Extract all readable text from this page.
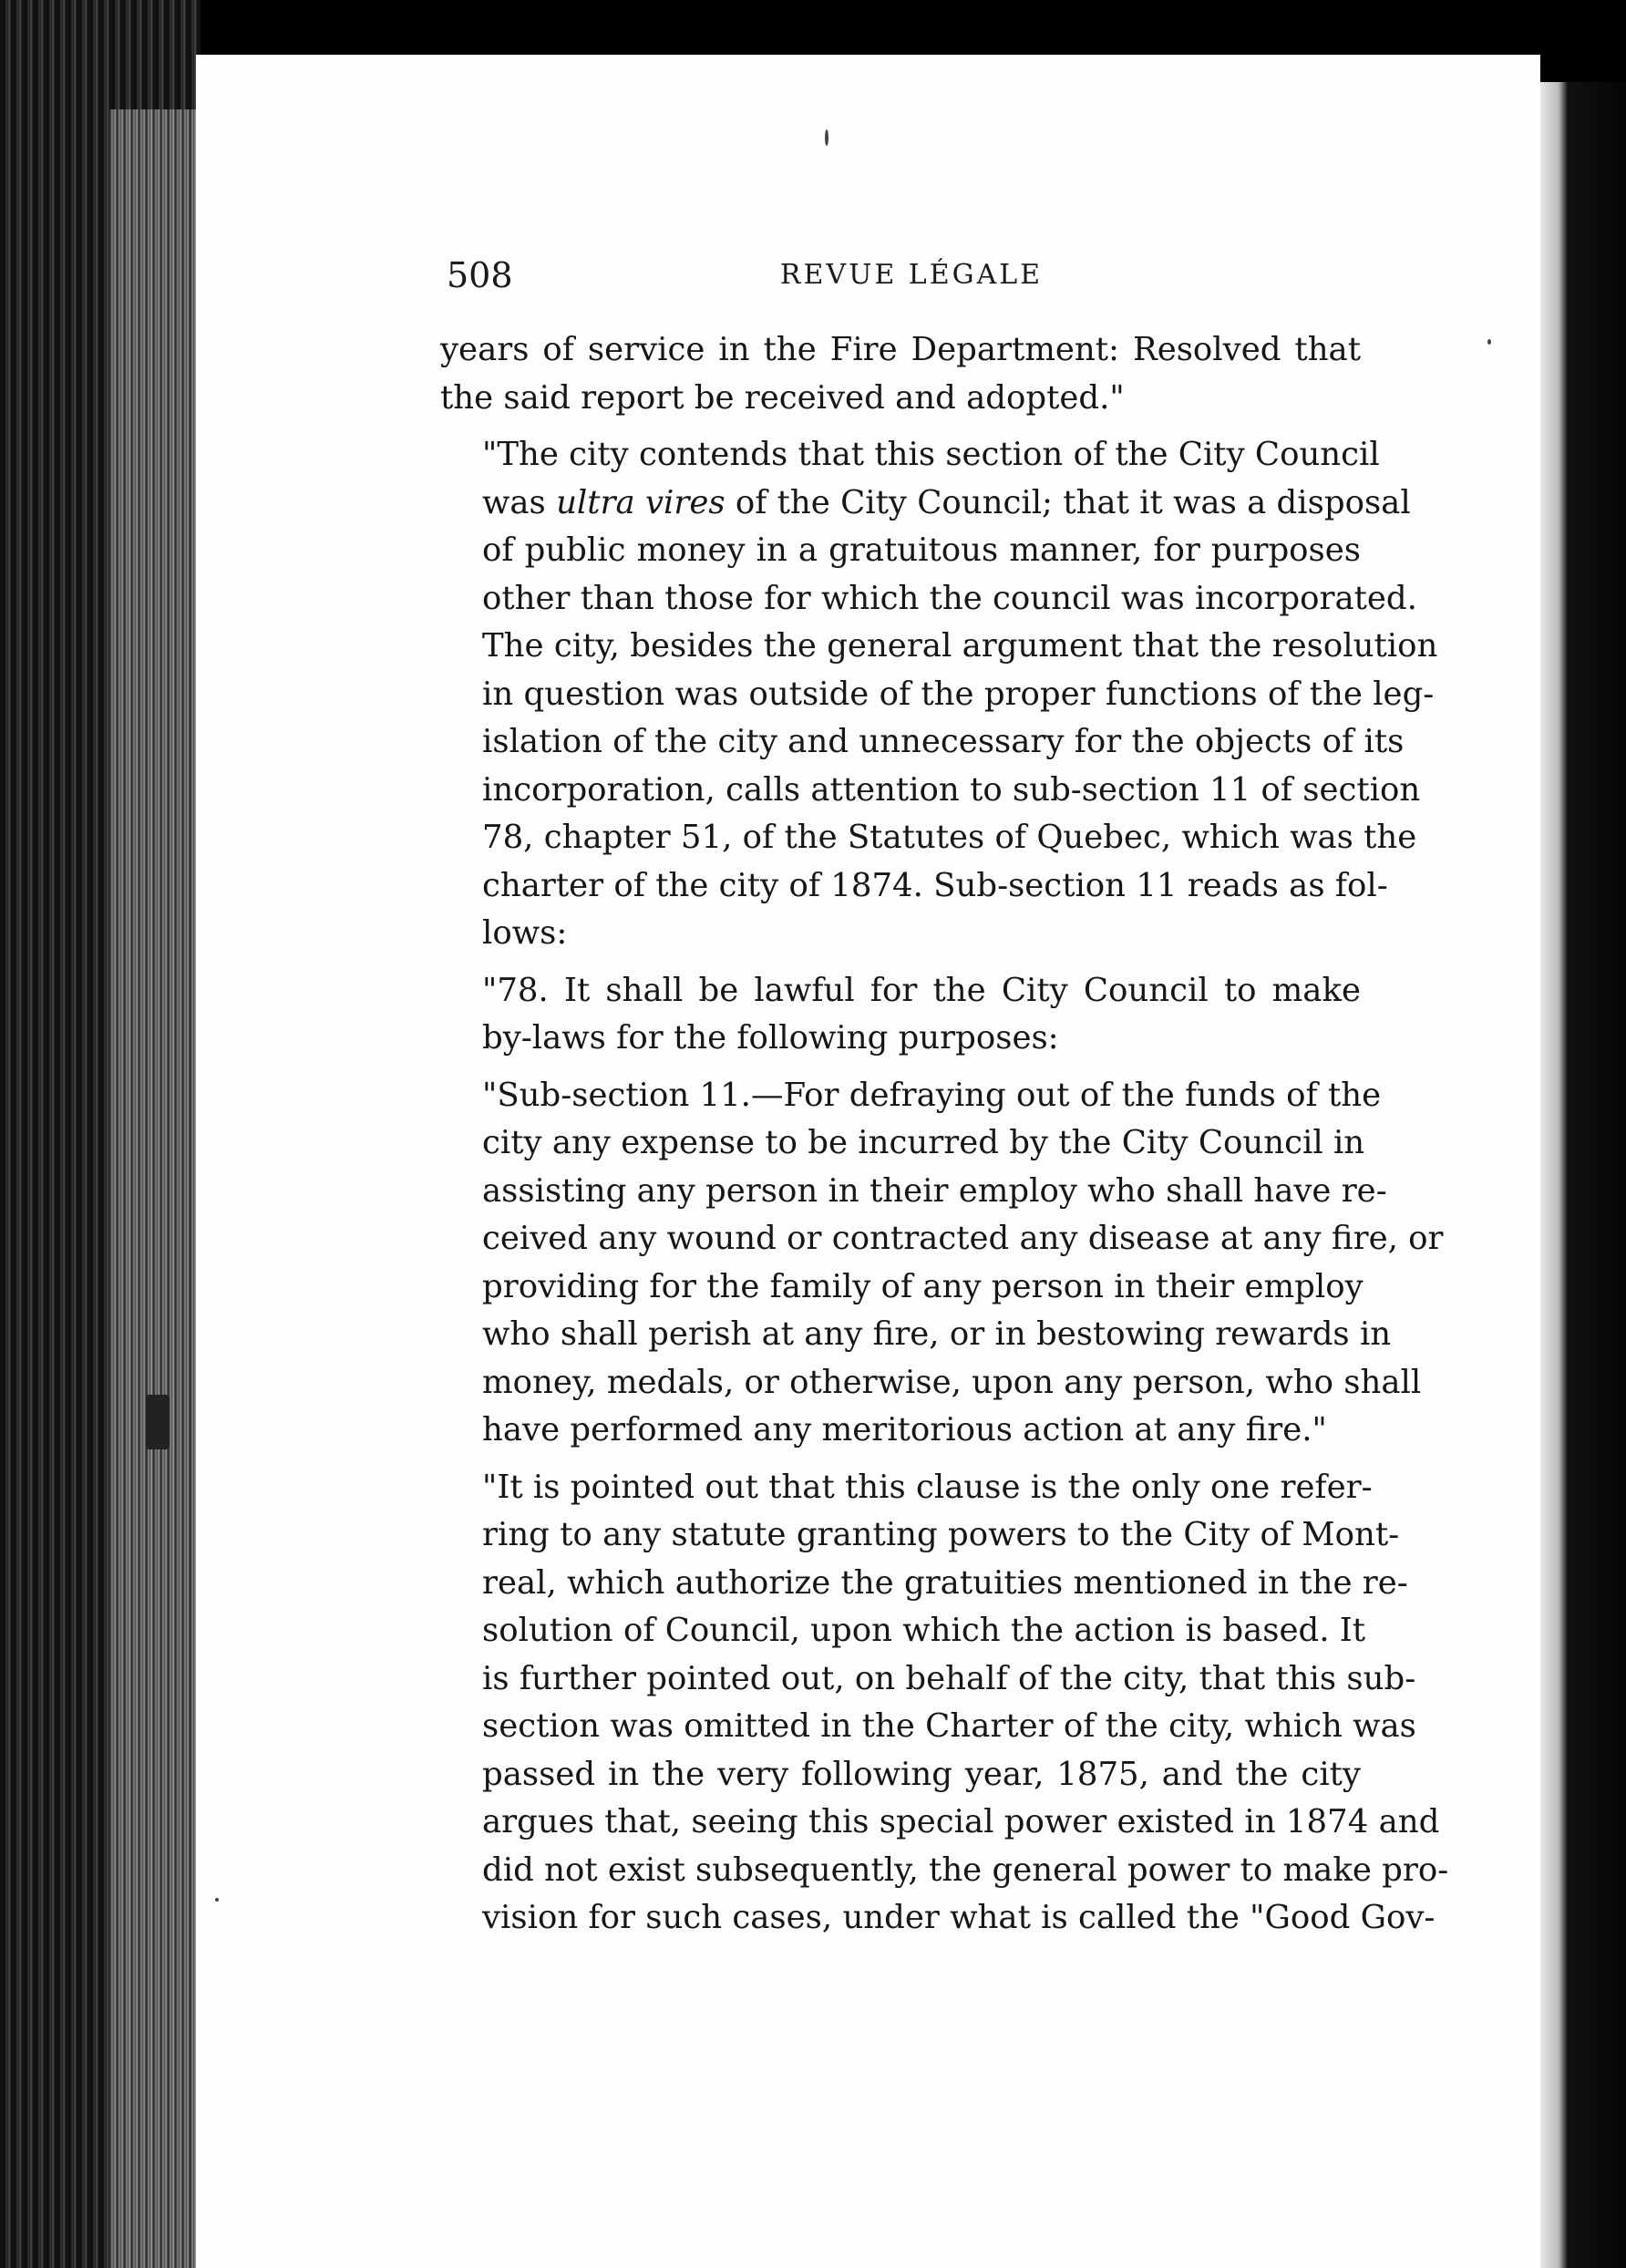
508	REVUE LÉGALE

years of service in the Fire Department: Resolved that
the said report be received and adopted."

"The city contends that this section of the City Council
was ultra vires of the City Council; that it was a disposal
of public money in a gratuitous manner, for purposes
other than those for which the council was incorporated.
The city, besides the general argument that the resolution
in question was outside of the proper functions of the leg-
islation of the city and unnecessary for the objects of its
incorporation, calls attention to sub-section 11 of section
78, chapter 51, of the Statutes of Quebec, which was the
charter of the city of 1874. Sub-section 11 reads as fol-
lows:

"78. It shall be lawful for the City Council to make
by-laws for the following purposes:

"Sub-section 11.—For defraying out of the funds of the
city any expense to be incurred by the City Council in
assisting any person in their employ who shall have re-
ceived any wound or contracted any disease at any fire, or
providing for the family of any person in their employ
who shall perish at any fire, or in bestowing rewards in
money, medals, or otherwise, upon any person, who shall
have performed any meritorious action at any fire."

"It is pointed out that this clause is the only one refer-
ring to any statute granting powers to the City of Mont-
real, which authorize the gratuities mentioned in the re-
solution of Council, upon which the action is based. It
is further pointed out, on behalf of the city, that this sub-
section was omitted in the Charter of the city, which was
passed in the very following year, 1875, and the city
argues that, seeing this special power existed in 1874 and
did not exist subsequently, the general power to make pro-
vision for such cases, under what is called the "Good Gov-
